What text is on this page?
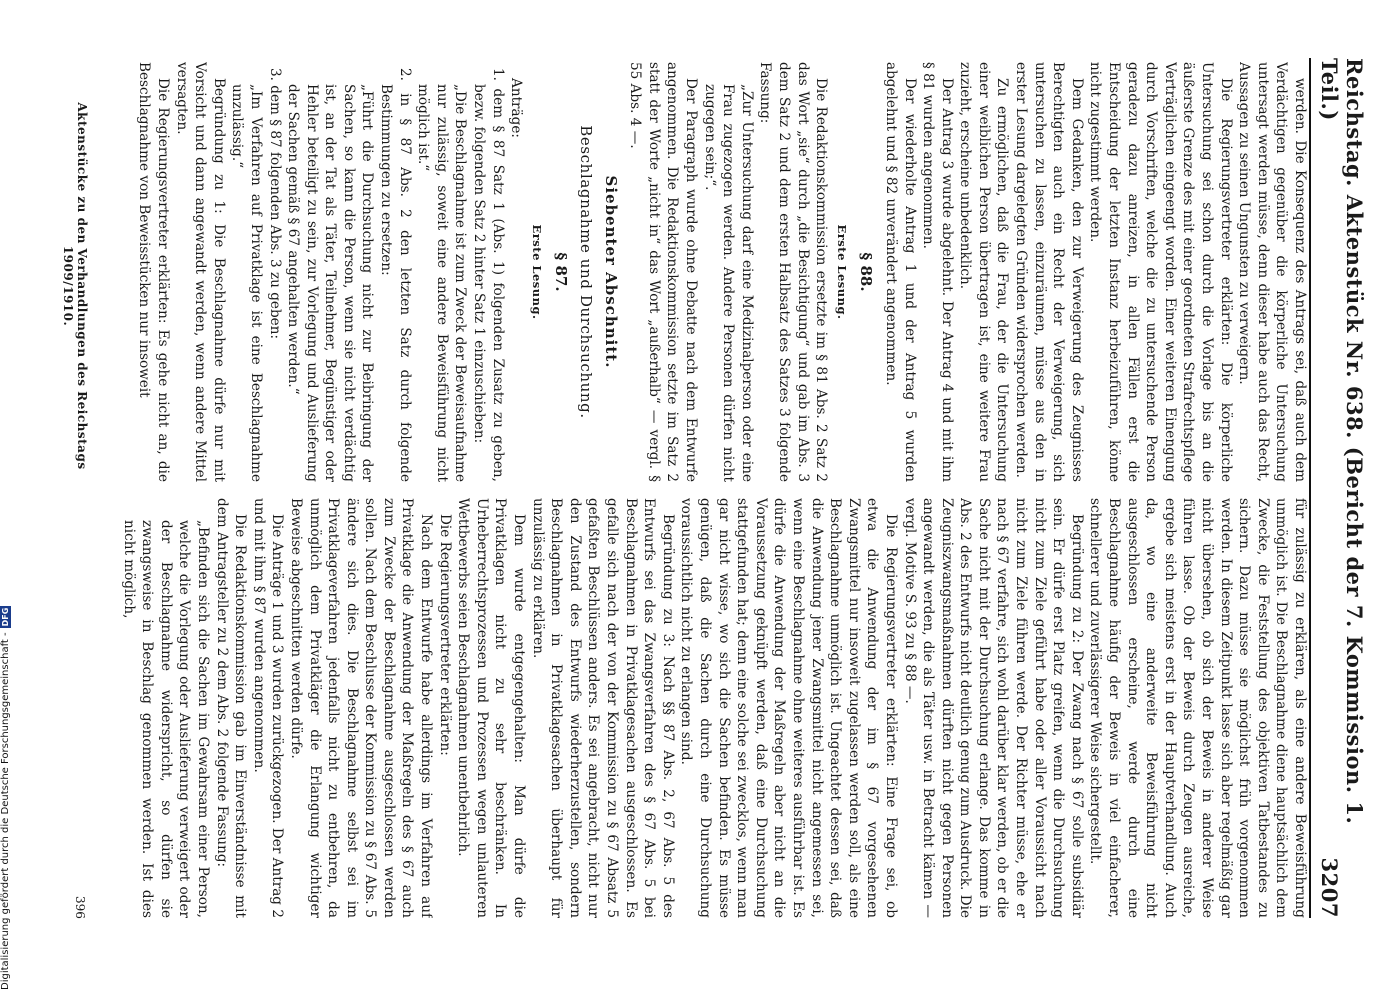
Digitalisierung gefördert durch die Deutsche Forschungsgemeinschaft -
DFG	Reichstag. Aktenstück Nr. 638. (Bericht der 7. Kommission. 1. Teil.)
3207

werden. Die Konsequenz des Antrags sei, daß auch dem Verdächtigen gegenüber die körperliche Untersuchung untersagt werden müsse, denn dieser habe auch das Recht, Aussagen zu seinen Ungunsten zu verweigern.

Die Regierungsvertreter erklärten: Die körperliche Untersuchung sei schon durch die Vorlage bis an die äußerste Grenze des mit einer geordneten Strafrechtspflege Verträglichen eingeengt worden. Einer weiteren Einengung durch Vorschriften, welche die zu untersuchende Person geradezu dazu anreizen, in allen Fällen erst die Entscheidung der letzten Instanz herbeizuführen, könne nicht zugestimmt werden.

Dem Gedanken, den zur Verweigerung des Zeugnisses Berechtigten auch ein Recht der Verweigerung, sich untersuchen zu lassen, einzuräumen, müsse aus den in erster Lesung dargelegten Gründen widersprochen werden.

Zu ermöglichen, daß die Frau, der die Untersuchung einer weiblichen Person übertragen ist, eine weitere Frau zuzieht, erscheine unbedenklich.

Der Antrag 3 wurde abgelehnt. Der Antrag 4 und mit ihm § 81 wurden angenommen.

Der wiederholte Antrag 1 und der Antrag 5 wurden abgelehnt und § 82 unverändert angenommen.

§ 88.

Erste Lesung.

Die Redaktionskommission ersetzte im § 81 Abs. 2 Satz 2 das Wort „sie“ durch „die Besichtigung“ und gab im Abs. 3 dem Satz 2 und dem ersten Halbsatz des Satzes 3 folgende Fassung:

„Zur Untersuchung darf eine Medizinalperson oder eine Frau zugezogen werden. Andere Personen dürfen nicht zugegen sein;“.

Der Paragraph wurde ohne Debatte nach dem Entwurfe angenommen. Die Redaktionskommission setzte im Satz 2 statt der Worte „nicht in“ das Wort „außerhalb“ — vergl. § 55 Abs. 4 —.

Siebenter Abschnitt.

Beschlagnahme und Durchsuchung.

§ 87.

Erste Lesung.

Anträge:

1. dem § 87 Satz 1 (Abs. 1) folgenden Zusatz zu geben, bezw. folgenden Satz 2 hinter Satz 1 einzuschieben:

„Die Beschlagnahme ist zum Zweck der Beweisaufnahme nur zulässig, soweit eine andere Beweisführung nicht möglich ist.“

2. in § 87 Abs. 2 den letzten Satz durch folgende Bestimmungen zu ersetzen:

„Führt die Durchsuchung nicht zur Beibringung der Sachen, so kann die Person, wenn sie nicht verdächtig ist, an der Tat als Täter, Teilnehmer, Begünstiger oder Hehler beteiligt zu sein, zur Vorlegung und Auslieferung der Sachen gemäß § 67 angehalten werden.“

3. dem § 87 folgenden Abs. 3 zu geben:

„Im Verfahren auf Privatklage ist eine Beschlagnahme unzulässig.“

Begründung zu 1: Die Beschlagnahme dürfe nur mit Vorsicht und dann angewandt werden, wenn andere Mittel versagten.

Die Regierungsvertreter erklärten: Es gehe nicht an, die Beschlagnahme von Beweisstücken nur insoweit

für zulässig zu erklären, als eine andere Beweisführung unmöglich ist. Die Beschlagnahme diene hauptsächlich dem Zwecke, die Feststellung des objektiven Tatbestandes zu sichern. Dazu müsse sie möglichst früh vorgenommen werden. In diesem Zeitpunkt lasse sich aber regelmäßig gar nicht übersehen, ob sich der Beweis in anderer Weise führen lasse. Ob der Beweis durch Zeugen ausreiche, ergebe sich meistens erst in der Hauptverhandlung. Auch da, wo eine anderweite Beweisführung nicht ausgeschlossen erscheine, werde durch eine Beschlagnahme häufig der Beweis in viel einfacherer, schnellerer und zuverlässigerer Weise sichergestellt.

Begründung zu 2: Der Zwang nach § 67 solle subsidiär sein. Er dürfe erst Platz greifen, wenn die Durchsuchung nicht zum Ziele geführt habe oder aller Voraussicht nach nicht zum Ziele führen werde. Der Richter müsse, ehe er nach § 67 verfahre, sich wohl darüber klar werden, ob er die Sache nicht mit der Durchsuchung erlange. Das komme in Abs. 2 des Entwurfs nicht deutlich genug zum Ausdruck. Die Zeugniszwangsmaßnahmen dürften nicht gegen Personen angewandt werden, die als Täter usw. in Betracht kämen — vergl. Motive S. 93 zu § 88 —.

Die Regierungsvertreter erklärten: Eine Frage sei, ob etwa die Anwendung der im § 67 vorgesehenen Zwangsmittel nur insoweit zugelassen werden soll, als eine Beschlagnahme unmöglich ist. Ungeachtet dessen sei, daß die Anwendung jener Zwangsmittel nicht angemessen sei, wenn eine Beschlagnahme ohne weiteres ausführbar ist. Es dürfe die Anwendung der Maßregeln aber nicht an die Voraussetzung geknüpft werden, daß eine Durchsuchung stattgefunden hat; denn eine solche sei zwecklos, wenn man gar nicht wisse, wo sich die Sachen befinden. Es müsse genügen, daß die Sachen durch eine Durchsuchung voraussichtlich nicht zu erlangen sind.

Begründung zu 3: Nach §§ 87 Abs. 2, 67 Abs. 5 des Entwurfs sei das Zwangsverfahren des § 67 Abs. 5 bei Beschlagnahmen in Privatklagesachen ausgeschlossen. Es gefalle sich nach der von der Kommission zu § 67 Absatz 5 gefaßten Beschlüssen anders. Es sei angebracht, nicht nur den Zustand des Entwurfs wiederherzustellen, sondern Beschlagnahmen in Privatklagesachen überhaupt für unzulässig zu erklären.

Dem wurde entgegengehalten: Man dürfe die Privatklagen nicht zu sehr beschränken. In Urheberrechtsprozessen und Prozessen wegen unlauteren Wettbewerbs seien Beschlagnahmen unentbehrlich.

Die Regierungsvertreter erklärten:

Nach dem Entwurfe habe allerdings im Verfahren auf Privatklage die Anwendung der Maßregeln des § 67 auch zum Zwecke der Beschlagnahme ausgeschlossen werden sollen. Nach dem Beschlusse der Kommission zu § 67 Abs. 5 ändere sich dies. Die Beschlagnahme selbst sei im Privatklageverfahren jedenfalls nicht zu entbehren, da unmöglich dem Privatkläger die Erlangung wichtiger Beweise abgeschnitten werden dürfe.

Die Anträge 1 und 3 wurden zurückgezogen. Der Antrag 2 und mit ihm § 87 wurden angenommen.

Die Redaktionskommission gab im Einverständnisse mit dem Antragsteller zu 2 dem Abs. 2 folgende Fassung:

„Befinden sich die Sachen im Gewahrsam einer Person, welche die Vorlegung oder Auslieferung verweigert oder der Beschlagnahme widerspricht, so dürfen sie zwangsweise in Beschlag genommen werden. Ist dies nicht möglich,

Aktenstücke zu den Verhandlungen des Reichstags 1909/1910.
396
